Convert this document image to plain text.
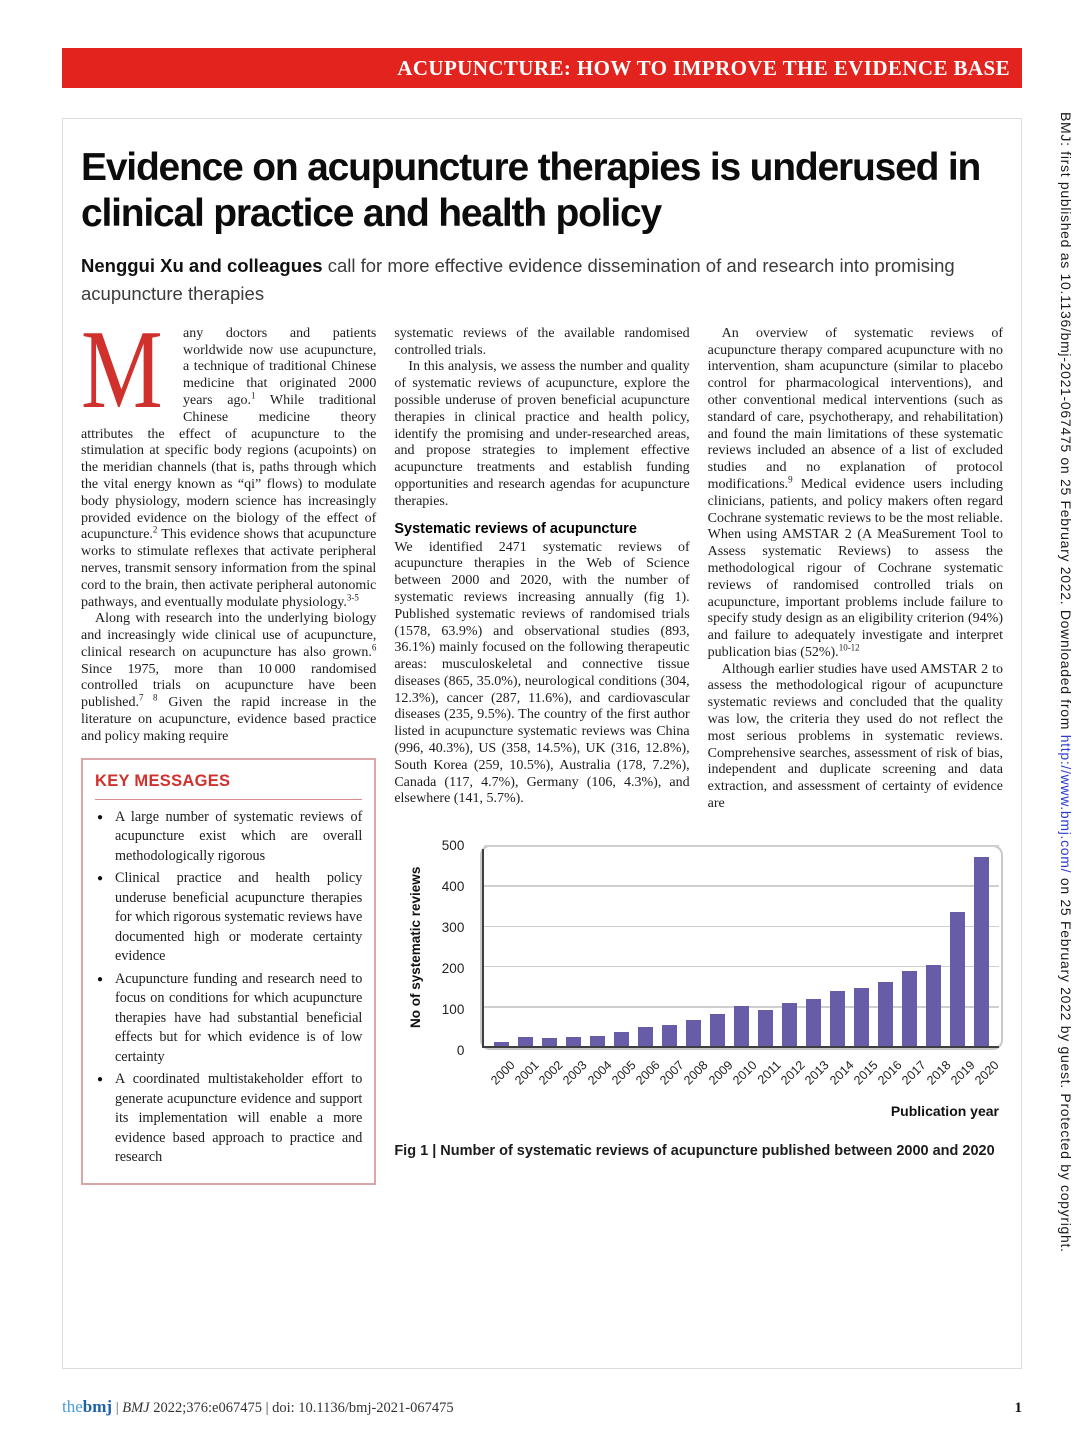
ACUPUNCTURE: HOW TO IMPROVE THE EVIDENCE BASE
BMJ: first published as 10.1136/bmj-2021-067475 on 25 February 2022. Downloaded from http://www.bmj.com/ on 25 February 2022 by guest. Protected by copyright.
Evidence on acupuncture therapies is underused in clinical practice and health policy

Nenggui Xu and colleagues call for more effective evidence dissemination of and research into promising acupuncture therapies

M any doctors and patients worldwide now use acupuncture, a technique of traditional Chinese medicine that originated 2000 years ago.$^1$ While traditional Chinese medicine theory attributes the effect of acupuncture to the stimulation at specific body regions (acupoints) on the meridian channels (that is, paths through which the vital energy known as “qi” flows) to modulate body physiology, modern science has increasingly provided evidence on the biology of the effect of acupuncture.$^2$ This evidence shows that acupuncture works to stimulate reflexes that activate peripheral nerves, transmit sensory information from the spinal cord to the brain, then activate peripheral autonomic pathways, and eventually modulate physiology.$^{3-5}$

Along with research into the underlying biology and increasingly wide clinical use of acupuncture, clinical research on acupuncture has also grown.$^6$ Since 1975, more than 10 000 randomised controlled trials on acupuncture have been published.$^{7 8}$ Given the rapid increase in the literature on acupuncture, evidence based practice and policy making require

KEY MESSAGES
● A large number of systematic reviews of acupuncture exist which are overall methodologically rigorous
● Clinical practice and health policy underuse beneficial acupuncture therapies for which rigorous systematic reviews have documented high or moderate certainty evidence
● Acupuncture funding and research need to focus on conditions for which acupuncture therapies have had substantial beneficial effects but for which evidence is of low certainty
● A coordinated multistakeholder effort to generate acupuncture evidence and support its implementation will enable a more evidence based approach to practice and research

systematic reviews of the available randomised controlled trials.

In this analysis, we assess the number and quality of systematic reviews of acupuncture, explore the possible underuse of proven beneficial acupuncture therapies in clinical practice and health policy, identify the promising and under-researched areas, and propose strategies to implement effective acupuncture treatments and establish funding opportunities and research agendas for acupuncture therapies.

Systematic reviews of acupuncture

We identified 2471 systematic reviews of acupuncture therapies in the Web of Science between 2000 and 2020, with the number of systematic reviews increasing annually (fig 1). Published systematic reviews of randomised trials (1578, 63.9%) and observational studies (893, 36.1%) mainly focused on the following therapeutic areas: musculoskeletal and connective tissue diseases (865, 35.0%), neurological conditions (304, 12.3%), cancer (287, 11.6%), and cardiovascular diseases (235, 9.5%). The country of the first author listed in acupuncture systematic reviews was China (996, 40.3%), US (358, 14.5%), UK (316, 12.8%), South Korea (259, 10.5%), Australia (178, 7.2%), Canada (117, 4.7%), Germany (106, 4.3%), and elsewhere (141, 5.7%).

An overview of systematic reviews of acupuncture therapy compared acupuncture with no intervention, sham acupuncture (similar to placebo control for pharmacological interventions), and other conventional medical interventions (such as standard of care, psychotherapy, and rehabilitation) and found the main limitations of these systematic reviews included an absence of a list of excluded studies and no explanation of protocol modifications.$^9$ Medical evidence users including clinicians, patients, and policy makers often regard Cochrane systematic reviews to be the most reliable. When using AMSTAR 2 (A MeaSurement Tool to Assess systematic Reviews) to assess the methodological rigour of Cochrane systematic reviews of randomised controlled trials on acupuncture, important problems include failure to specify study design as an eligibility criterion (94%) and failure to adequately investigate and interpret publication bias (52%).$^{10-12}$

Although earlier studies have used AMSTAR 2 to assess the methodological rigour of acupuncture systematic reviews and concluded that the quality was low, the criteria they used do not reflect the most serious problems in systematic reviews. Comprehensive searches, assessment of risk of bias, independent and duplicate screening and data extraction, and assessment of certainty of evidence are

No of systematic reviews
0
100
200
300
400
500
2000
2001
2002
2003
2004
2005
2006
2007
2008
2009
2010
2011
2012
2013
2014
2015
2016
2017
2018
2019
2020
Publication year
Fig 1 | Number of systematic reviews of acupuncture published between 2000 and 2020
thebmj | BMJ 2022;376:e067475 | doi: 10.1136/bmj-2021-067475	1
